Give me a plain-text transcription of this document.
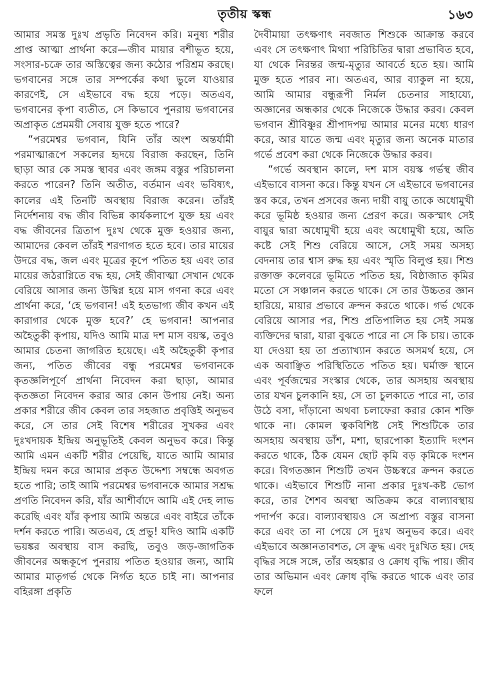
তৃতীয় স্কন্ধ	১৬৩

আমার সমস্ত দুঃখ প্রভৃতি নিবেদন করি। মনুষ্য শরীর প্রাপ্ত আত্মা প্রার্থনা করে—জীব মায়ার বশীভূত হয়ে, সংসার-চক্রে তার অস্তিত্বের জন্য কঠোর পরিশ্রম করছে। ভগবানের সঙ্গে তার সম্পর্কের কথা ভুলে যাওয়ার কারণেই, সে এইভাবে বদ্ধ হয়ে পড়ে। অতএব, ভগবানের কৃপা ব্যতীত, সে কিভাবে পুনরায় ভগবানের অপ্রাকৃত প্রেমময়ী সেবায় যুক্ত হতে পারে?

“পরমেশ্বর ভগবান, যিনি তাঁর অংশ অন্তর্যামী পরমাত্মারূপে সকলের হৃদয়ে বিরাজ করছেন, তিনি ছাড়া আর কে সমস্ত স্থাবর এবং জঙ্গম বস্তুর পরিচালনা করতে পারেন? তিনি অতীত, বর্তমান এবং ভবিষ্যৎ, কালের এই তিনটি অবস্থায় বিরাজ করেন। তাঁরই নির্দেশনায় বদ্ধ জীব বিভিন্ন কার্যকলাপে যুক্ত হয় এবং বদ্ধ জীবনের ত্রিতাপ দুঃখ থেকে মুক্ত হওয়ার জন্য, আমাদের কেবল তাঁরই শরণাগত হতে হবে। তার মায়ের উদরে বদ্ধ, জল এবং মূত্রের কূপে পতিত হয় এবং তার মায়ের জঠরাগ্নিতে বদ্ধ হয়, সেই জীবাত্মা সেখান থেকে বেরিয়ে আসার জন্য উদ্বিগ্ন হয়ে মাস গণনা করে এবং প্রার্থনা করে, ‘হে ভগবান! এই হতভাগ্য জীব কখন এই কারাগার থেকে মুক্ত হবে?’ হে ভগবান! আপনার অহৈতুকী কৃপায়, যদিও আমি মাত্র দশ মাস বয়স্ক, তবুও আমার চেতনা জাগরিত হয়েছে। এই অহৈতুকী কৃপার জন্য, পতিত জীবের বন্ধু পরমেশ্বর ভগবানকে কৃতজ্ঞলিপূর্ণে প্রার্থনা নিবেদন করা ছাড়া, আমার কৃতজ্ঞতা নিবেদন করার আর কোন উপায় নেই। অন্য প্রকার শরীরে জীব কেবল তার সহজাত প্রবৃত্তিই অনুভব করে, সে তার সেই বিশেষ শরীরের সুখকর এবং দুঃখদায়ক ইন্দ্রিয় অনুভূতিই কেবল অনুভব করে। কিন্তু আমি এমন একটি শরীর পেয়েছি, যাতে আমি আমার ইন্দ্রিয় দমন করে আমার প্রকৃত উদ্দেশ্য সম্বন্ধে অবগত হতে পারি; তাই আমি পরমেশ্বর ভগবানকে আমার সশ্রদ্ধ প্রণতি নিবেদন করি, যাঁর আশীর্বাদে আমি এই দেহ লাভ করেছি এবং যাঁর কৃপায় আমি অন্তরে এবং বাইরে তাঁকে দর্শন করতে পারি। অতএব, হে প্রভু! যদিও আমি একটি ভয়ঙ্কর অবস্থায় বাস করছি, তবুও জড়-জাগতিক জীবনের অন্ধকূপে পুনরায় পতিত হওয়ার জন্য, আমি আমার মাতৃগর্ভ থেকে নির্গত হতে চাই না। আপনার বহিরঙ্গা প্রকৃতি

দৈবীমায়া তৎক্ষণাৎ নবজাত শিশুকে আক্রান্ত করবে এবং সে তৎক্ষণাৎ মিথ্যা পরিচিতির দ্বারা প্রভাবিত হবে, যা থেকে নিরন্তর জন্ম-মৃত্যুর আবর্তে হতে হয়। আমি মুক্ত হতে পারব না। অতএব, আর ব্যাকুল না হয়ে, আমি আমার বন্ধুরূপী নির্মল চেতনার সাহায্যে, অজ্ঞানের অন্ধকার থেকে নিজেকে উদ্ধার করব। কেবল ভগবান শ্রীবিষ্ণুর শ্রীপাদপদ্ম আমার মনের মধ্যে ধারণ করে, আর যাতে জন্ম এবং মৃত্যুর জন্য অনেক মাতার গর্ভে প্রবেশ করা থেকে নিজেকে উদ্ধার করব।

“গর্ভে অবস্থান কালে, দশ মাস বয়স্ক গর্ভস্থ জীব এইভাবে বাসনা করে। কিন্তু যখন সে এইভাবে ভগবানের স্তব করে, তখন প্রসবের জন্য দায়ী বায়ু তাকে অধোমুখী করে ভূমিষ্ঠ হওয়ার জন্য প্রেরণ করে। অকস্মাৎ সেই বায়ুর দ্বারা অধোমুখী হয়ে এবং অধোমুখী হয়ে, অতি কষ্টে সেই শিশু বেরিয়ে আসে, সেই সময় অসহ্য বেদনায় তার শ্বাস রুদ্ধ হয় এবং স্মৃতি বিলুপ্ত হয়। শিশু রক্তাক্ত কলেবরে ভূমিতে পতিত হয়, বিষ্ঠাজাত কৃমির মতো সে সঞ্চালন করতে থাকে। সে তার উচ্চতর জ্ঞান হারিয়ে, মায়ার প্রভাবে ক্রন্দন করতে থাকে। গর্ভ থেকে বেরিয়ে আসার পর, শিশু প্রতিপালিত হয় সেই সমস্ত ব্যক্তিদের দ্বারা, যারা বুঝতে পারে না সে কি চায়। তাকে যা দেওয়া হয় তা প্রত্যাখ্যান করতে অসমর্থ হয়ে, সে এক অবাঞ্ছিত পরিস্থিতিতে পতিত হয়। ঘর্মাক্ত স্থানে এবং পূর্বজন্মের সংস্কার থেকে, তার অসহায় অবস্থায় তার যখন চুলকানি হয়, সে তা চুলকাতে পারে না, তার উঠে বসা, দাঁড়ানো অথবা চলাফেরা করার কোন শক্তি থাকে না। কোমল ত্বকবিশিষ্ট সেই শিশুটিকে তার অসহায় অবস্থায় ডাঁশ, মশা, ছারপোকা ইত্যাদি দংশন করতে থাকে, ঠিক যেমন ছোট কৃমি বড় কৃমিকে দংশন করে। বিগতজ্ঞান শিশুটি তখন উচ্চস্বরে ক্রন্দন করতে থাকে। এইভাবে শিশুটি নানা প্রকার দুঃখ-কষ্ট ভোগ করে, তার শৈশব অবস্থা অতিক্রম করে বাল্যাবস্থায় পদার্পণ করে। বাল্যাবস্থায়ও সে অপ্রাপ্য বস্তুর বাসনা করে এবং তা না পেয়ে সে দুঃখ অনুভব করে। এবং এইভাবে অজ্ঞানতাবশত, সে ক্রুদ্ধ এবং দুঃখিত হয়। দেহ বৃদ্ধির সঙ্গে সঙ্গে, তাঁর অহঙ্কার ও ক্রোধ বৃদ্ধি পায়। জীব তার অভিমান এবং ক্রোধ বৃদ্ধি করতে থাকে এবং তার ফলে
